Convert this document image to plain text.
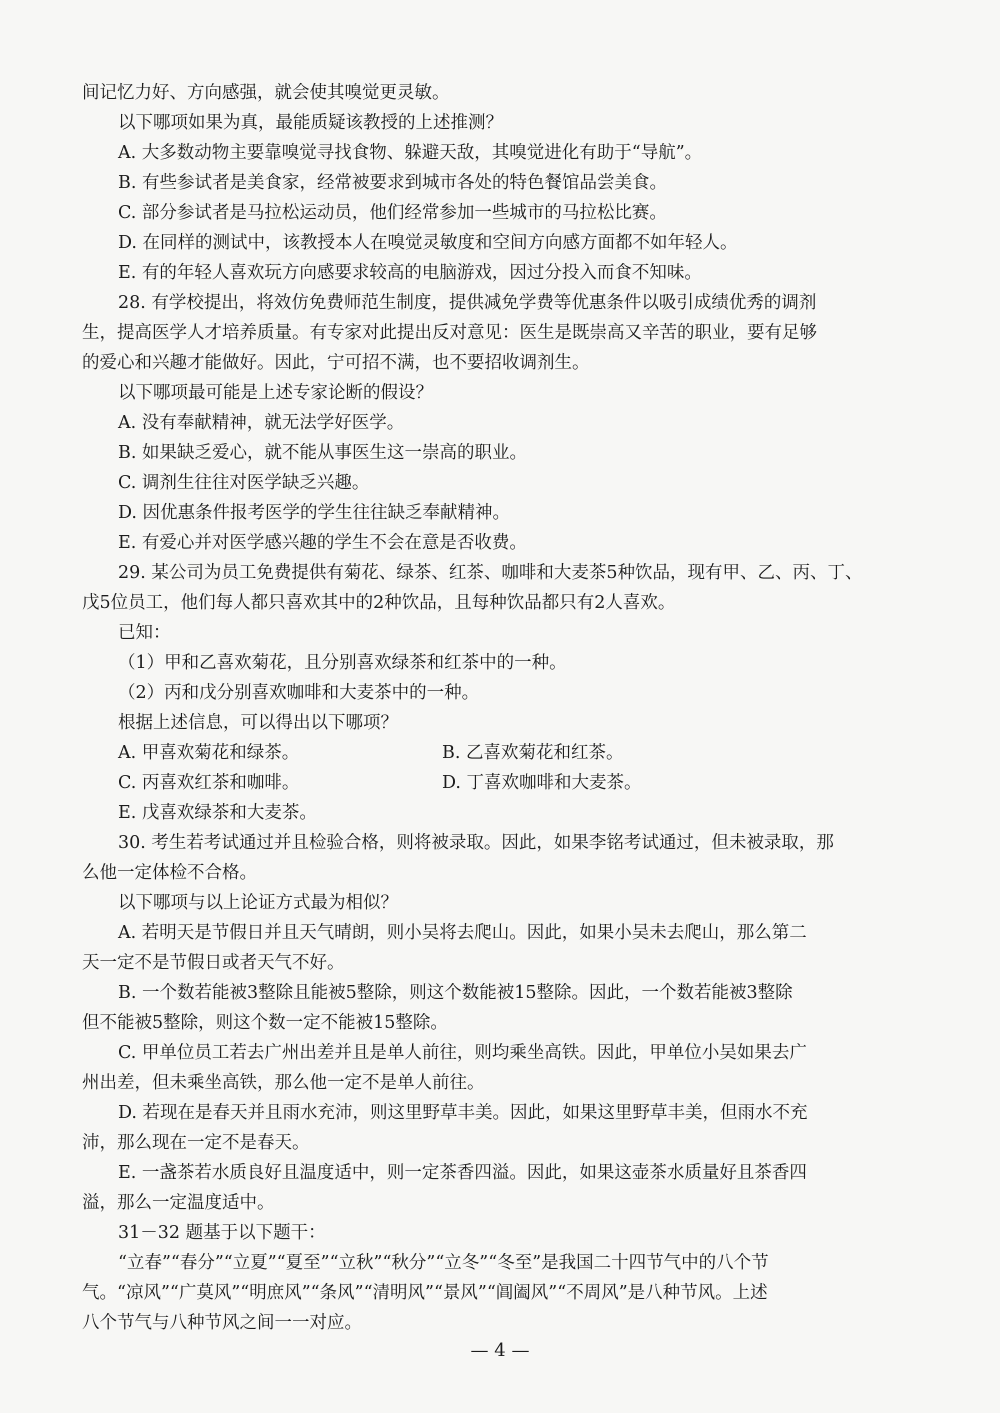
间记忆力好、方向感强，就会使其嗅觉更灵敏。
以下哪项如果为真，最能质疑该教授的上述推测？
A. 大多数动物主要靠嗅觉寻找食物、躲避天敌，其嗅觉进化有助于“导航”。
B. 有些参试者是美食家，经常被要求到城市各处的特色餐馆品尝美食。
C. 部分参试者是马拉松运动员，他们经常参加一些城市的马拉松比赛。
D. 在同样的测试中，该教授本人在嗅觉灵敏度和空间方向感方面都不如年轻人。
E. 有的年轻人喜欢玩方向感要求较高的电脑游戏，因过分投入而食不知味。
28. 有学校提出，将效仿免费师范生制度，提供减免学费等优惠条件以吸引成绩优秀的调剂
生，提高医学人才培养质量。有专家对此提出反对意见：医生是既崇高又辛苦的职业，要有足够
的爱心和兴趣才能做好。因此，宁可招不满，也不要招收调剂生。
以下哪项最可能是上述专家论断的假设？
A. 没有奉献精神，就无法学好医学。
B. 如果缺乏爱心，就不能从事医生这一崇高的职业。
C. 调剂生往往对医学缺乏兴趣。
D. 因优惠条件报考医学的学生往往缺乏奉献精神。
E. 有爱心并对医学感兴趣的学生不会在意是否收费。
29. 某公司为员工免费提供有菊花、绿茶、红茶、咖啡和大麦茶5种饮品，现有甲、乙、丙、丁、
戊5位员工，他们每人都只喜欢其中的2种饮品，且每种饮品都只有2人喜欢。
已知：
（1）甲和乙喜欢菊花，且分别喜欢绿茶和红茶中的一种。
（2）丙和戊分别喜欢咖啡和大麦茶中的一种。
根据上述信息，可以得出以下哪项？
A. 甲喜欢菊花和绿茶。	B. 乙喜欢菊花和红茶。
C. 丙喜欢红茶和咖啡。	D. 丁喜欢咖啡和大麦茶。
E. 戊喜欢绿茶和大麦茶。
30. 考生若考试通过并且检验合格，则将被录取。因此，如果李铭考试通过，但未被录取，那
么他一定体检不合格。
以下哪项与以上论证方式最为相似？
A. 若明天是节假日并且天气晴朗，则小吴将去爬山。因此，如果小吴未去爬山，那么第二
天一定不是节假日或者天气不好。
B. 一个数若能被3整除且能被5整除，则这个数能被15整除。因此，一个数若能被3整除
但不能被5整除，则这个数一定不能被15整除。
C. 甲单位员工若去广州出差并且是单人前往，则均乘坐高铁。因此，甲单位小吴如果去广
州出差，但未乘坐高铁，那么他一定不是单人前往。
D. 若现在是春天并且雨水充沛，则这里野草丰美。因此，如果这里野草丰美，但雨水不充
沛，那么现在一定不是春天。
E. 一盏茶若水质良好且温度适中，则一定茶香四溢。因此，如果这壶茶水质量好且茶香四
溢，那么一定温度适中。
31－32 题基于以下题干：
“立春”“春分”“立夏”“夏至”“立秋”“秋分”“立冬”“冬至”是我国二十四节气中的八个节
气。“凉风”“广莫风”“明庶风”“条风”“清明风”“景风”“阊阖风”“不周风”是八种节风。上述
八个节气与八种节风之间一一对应。
— 4 —
